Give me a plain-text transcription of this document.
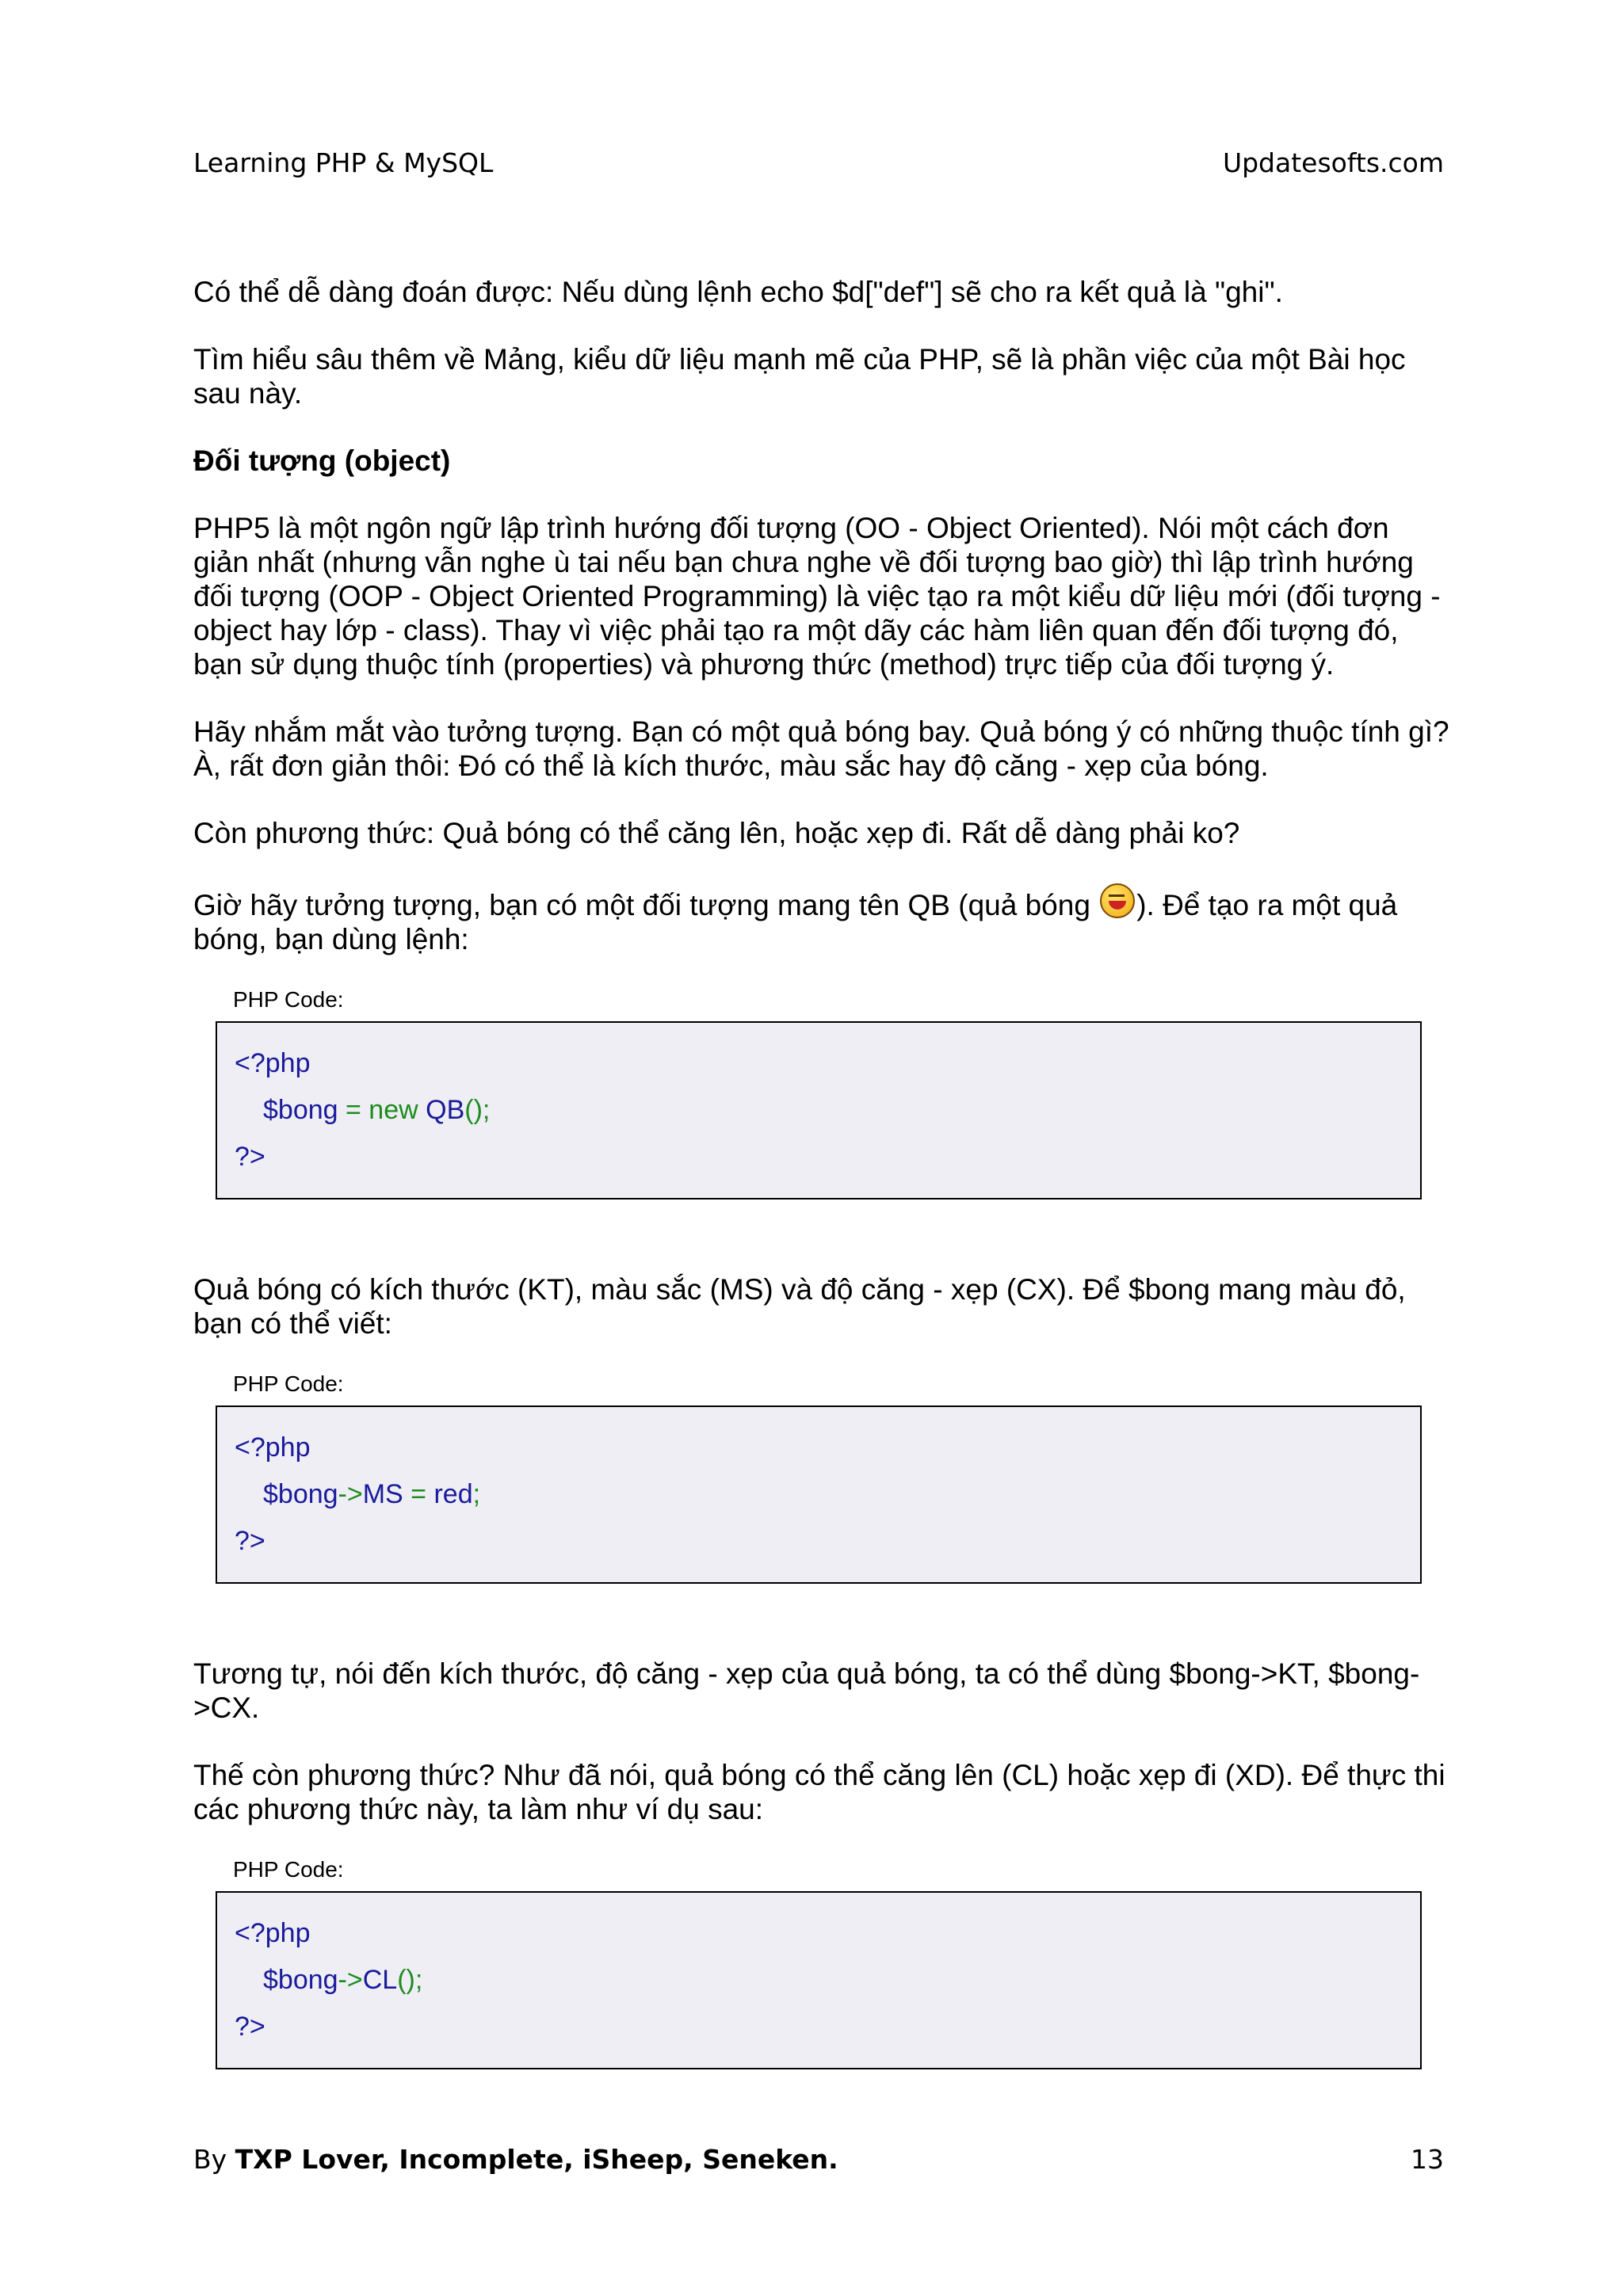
Learning PHP & MySQL	Updatesofts.com

Có thể dễ dàng đoán được: Nếu dùng lệnh echo $d["def"] sẽ cho ra kết quả là "ghi".

Tìm hiểu sâu thêm về Mảng, kiểu dữ liệu mạnh mẽ của PHP, sẽ là phần việc của một Bài học sau này.

Đối tượng (object)

PHP5 là một ngôn ngữ lập trình hướng đối tượng (OO - Object Oriented). Nói một cách đơn giản nhất (nhưng vẫn nghe ù tai nếu bạn chưa nghe về đối tượng bao giờ) thì lập trình hướng đối tượng (OOP - Object Oriented Programming) là việc tạo ra một kiểu dữ liệu mới (đối tượng - object hay lớp - class). Thay vì việc phải tạo ra một dãy các hàm liên quan đến đối tượng đó, bạn sử dụng thuộc tính (properties) và phương thức (method) trực tiếp của đối tượng ý.

Hãy nhắm mắt vào tưởng tượng. Bạn có một quả bóng bay. Quả bóng ý có những thuộc tính gì? À, rất đơn giản thôi: Đó có thể là kích thước, màu sắc hay độ căng - xẹp của bóng.

Còn phương thức: Quả bóng có thể căng lên, hoặc xẹp đi. Rất dễ dàng phải ko?

Giờ hãy tưởng tượng, bạn có một đối tượng mang tên QB (quả bóng ). Để tạo ra một quả bóng, bạn dùng lệnh:

PHP Code:
<?php
$bong = new QB();
?>

Quả bóng có kích thước (KT), màu sắc (MS) và độ căng - xẹp (CX). Để $bong mang màu đỏ, bạn có thể viết:

PHP Code:
<?php
$bong->MS = red;
?>

Tương tự, nói đến kích thước, độ căng - xẹp của quả bóng, ta có thể dùng $bong->KT, $bong->CX.

Thế còn phương thức? Như đã nói, quả bóng có thể căng lên (CL) hoặc xẹp đi (XD). Để thực thi các phương thức này, ta làm như ví dụ sau:

PHP Code:
<?php
$bong->CL();
?>
By TXP Lover, Incomplete, iSheep, Seneken.	13
